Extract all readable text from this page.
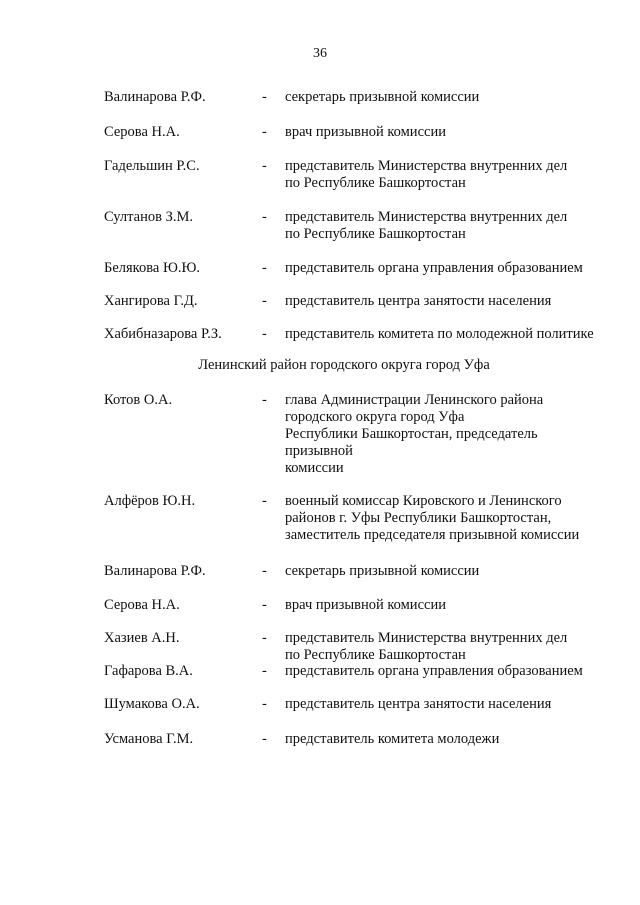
36
Валинарова Р.Ф.	- секретарь призывной комиссии
Серова Н.А.	- врач призывной комиссии
Гадельшин Р.С.	- представитель Министерства внутренних дел
по Республике Башкортостан
Султанов З.М.	- представитель Министерства внутренних дел
по Республике Башкортостан
Белякова Ю.Ю.	- представитель органа управления образованием
Хангирова Г.Д.	- представитель центра занятости населения
Хабибназарова Р.З.	- представитель комитета по молодежной политике
Ленинский район городского округа город Уфа
Котов О.А.	- глава Администрации Ленинского района
городского округа город Уфа
Республики Башкортостан, председатель
призывной
комиссии
Алфёров Ю.Н.	- военный комиссар Кировского и Ленинского
районов г. Уфы Республики Башкортостан,
заместитель председателя призывной комиссии
Валинарова Р.Ф.	- секретарь призывной комиссии
Серова Н.А.	- врач призывной комиссии
Хазиев А.Н.	- представитель Министерства внутренних дел
по Республике Башкортостан
Гафарова В.А.	- представитель органа управления образованием
Шумакова О.А.	- представитель центра занятости населения
Усманова Г.М.	- представитель комитета молодежи
